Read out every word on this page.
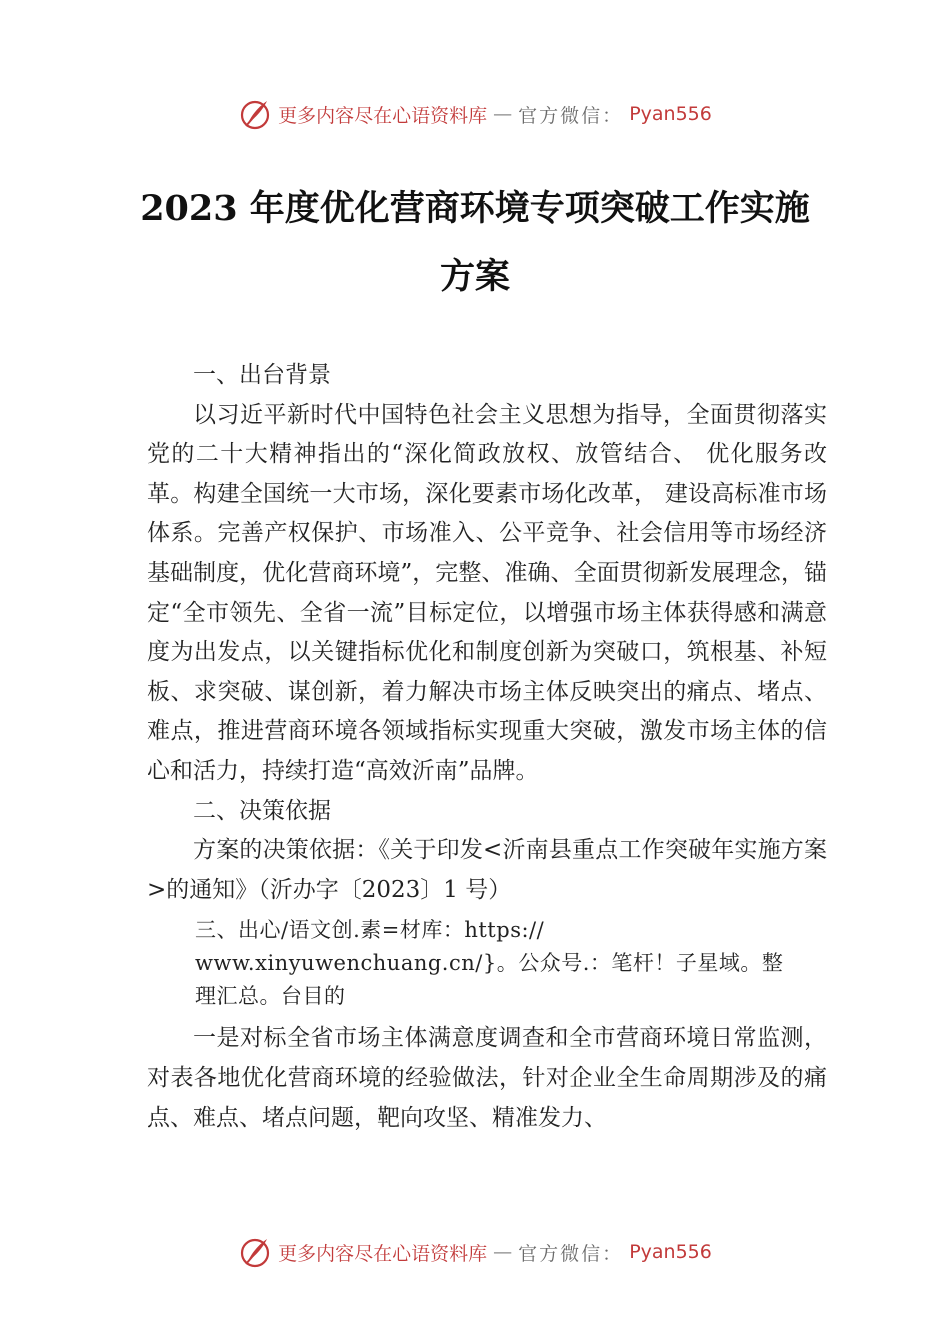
更多内容尽在心语资料库 — 官方微信： Pyan556
2023 年度优化营商环境专项突破工作实施
方案

一、出台背景

以习近平新时代中国特色社会主义思想为指导，全面贯彻落实党的二十大精神指出的“深化简政放权、放管结合、 优化服务改革。构建全国统一大市场，深化要素市场化改革， 建设高标准市场体系。完善产权保护、市场准入、公平竞争、社会信用等市场经济基础制度，优化营商环境”，完整、准确、全面贯彻新发展理念，锚定“全市领先、全省一流”目标定位，以增强市场主体获得感和满意度为出发点，以关键指标优化和制度创新为突破口，筑根基、补短板、求突破、谋创新，着力解决市场主体反映突出的痛点、堵点、难点，推进营商环境各领域指标实现重大突破，激发市场主体的信心和活力，持续打造“高效沂南”品牌。

二、决策依据

方案的决策依据：《关于印发<沂南县重点工作突破年实施方案>的通知》（沂办字〔2023〕1 号）

三、出心/语文创.素=材库：https://
www.xinyuwenchuang.cn/}。公众号.：笔杆！子星域。整
理汇总。台目的

一是对标全省市场主体满意度调查和全市营商环境日常监测，对表各地优化营商环境的经验做法，针对企业全生命周期涉及的痛点、难点、堵点问题，靶向攻坚、精准发力、

更多内容尽在心语资料库 — 官方微信： Pyan556
